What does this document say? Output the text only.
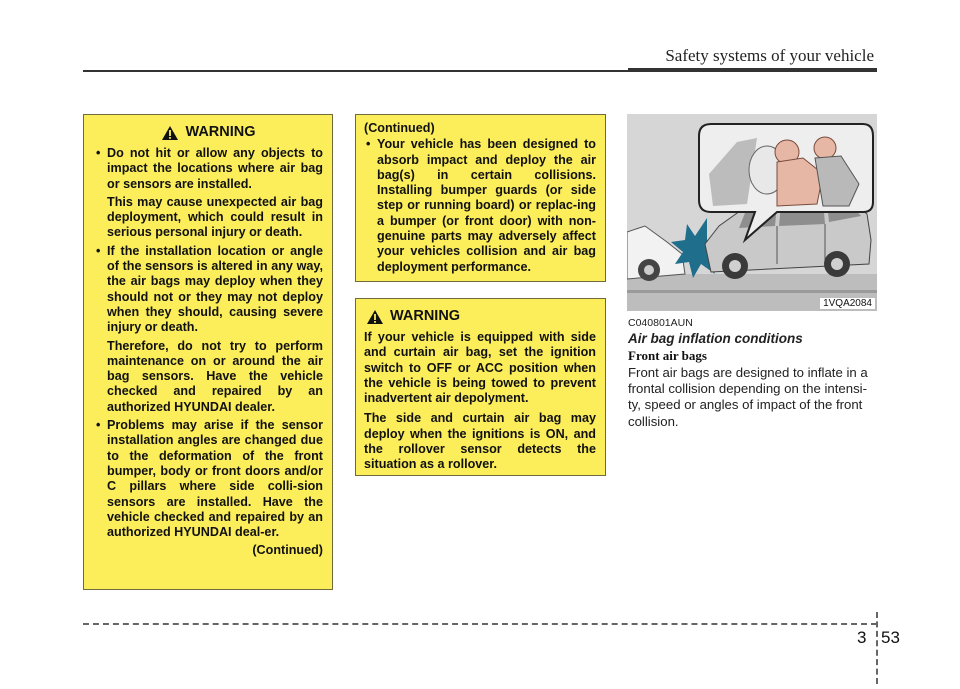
Safety systems of your vehicle
WARNING

• Do not hit or allow any objects to impact the locations where air bag or sensors are installed.

This may cause unexpected air bag deployment, which could result in serious personal injury or death.

• If the installation location or angle of the sensors is altered in any way, the air bags may deploy when they should not or they may not deploy when they should, causing severe injury or death.

Therefore, do not try to perform maintenance on or around the air bag sensors. Have the vehicle checked and repaired by an authorized HYUNDAI dealer.

• Problems may arise if the sensor installation angles are changed due to the deformation of the front bumper, body or front doors and/or C pillars where side colli-sion sensors are installed. Have the vehicle checked and repaired by an authorized HYUNDAI deal-er.

(Continued)
(Continued)

• Your vehicle has been designed to absorb impact and deploy the air bag(s) in certain collisions. Installing bumper guards (or side step or running board) or replac-ing a bumper (or front door) with non-genuine parts may adversely affect your vehicles collision and air bag deployment performance.

WARNING

If your vehicle is equipped with side and curtain air bag, set the ignition switch to OFF or ACC position when the vehicle is being towed to prevent inadvertent air depolyment.

The side and curtain air bag may deploy when the ignitions is ON, and the rollover sensor detects the situation as a rollover.

1VQA2084
C040801AUN
Air bag inflation conditions
Front air bags
Front air bags are designed to inflate in a frontal collision depending on the intensi-ty, speed or angles of impact of the front collision.
3 53
